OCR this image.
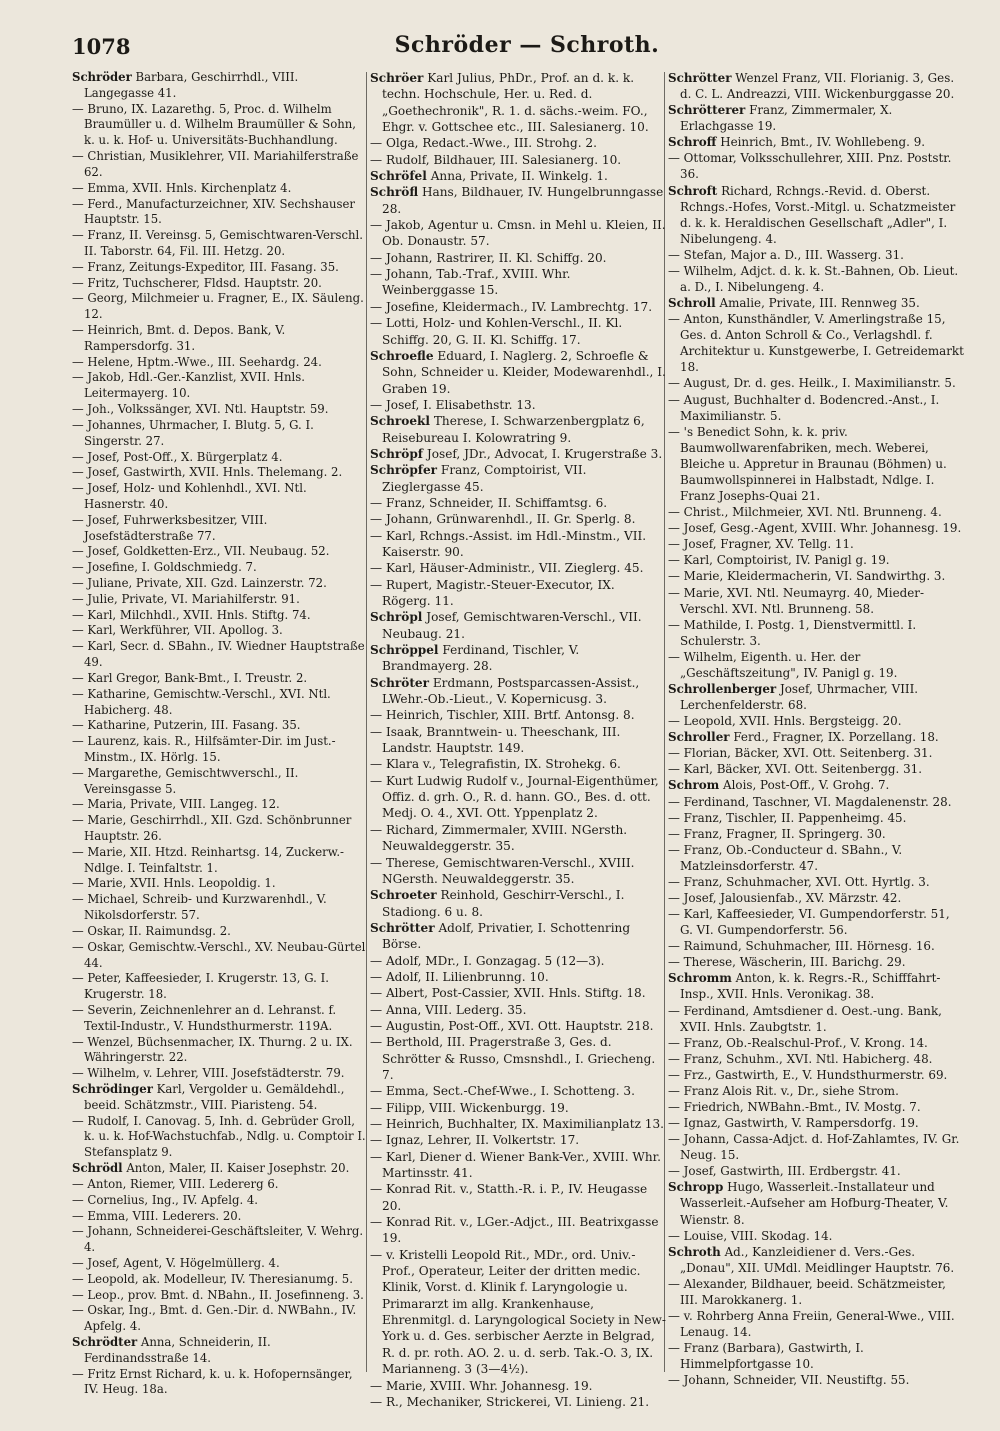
1078	Schröder — Schroth.

Schröder Barbara, Geschirrhdl., VIII. Langegasse 41.

— Bruno, IX. Lazarethg. 5, Proc. d. Wilhelm Braumüller u. d. Wilhelm Braumüller & Sohn, k. u. k. Hof- u. Universitäts-Buchhandlung.

— Christian, Musiklehrer, VII. Mariahilferstraße 62.

— Emma, XVII. Hnls. Kirchenplatz 4.

— Ferd., Manufacturzeichner, XIV. Sechshauser Hauptstr. 15.

— Franz, II. Vereinsg. 5, Gemischtwaren-Verschl. II. Taborstr. 64, Fil. III. Hetzg. 20.

— Franz, Zeitungs-Expeditor, III. Fasang. 35.

— Fritz, Tuchscherer, Fldsd. Hauptstr. 20.

— Georg, Milchmeier u. Fragner, E., IX. Säuleng. 12.

— Heinrich, Bmt. d. Depos. Bank, V. Rampersdorfg. 31.

— Helene, Hptm.-Wwe., III. Seehardg. 24.

— Jakob, Hdl.-Ger.-Kanzlist, XVII. Hnls. Leitermayerg. 10.

— Joh., Volkssänger, XVI. Ntl. Hauptstr. 59.

— Johannes, Uhrmacher, I. Blutg. 5, G. I. Singerstr. 27.

— Josef, Post-Off., X. Bürgerplatz 4.

— Josef, Gastwirth, XVII. Hnls. Thelemang. 2.

— Josef, Holz- und Kohlenhdl., XVI. Ntl. Hasnerstr. 40.

— Josef, Fuhrwerksbesitzer, VIII. Josefstädterstraße 77.

— Josef, Goldketten-Erz., VII. Neubaug. 52.

— Josefine, I. Goldschmiedg. 7.

— Juliane, Private, XII. Gzd. Lainzerstr. 72.

— Julie, Private, VI. Mariahilferstr. 91.

— Karl, Milchhdl., XVII. Hnls. Stiftg. 74.

— Karl, Werkführer, VII. Apollog. 3.

— Karl, Secr. d. SBahn., IV. Wiedner Hauptstraße 49.

— Karl Gregor, Bank-Bmt., I. Treustr. 2.

— Katharine, Gemischtw.-Verschl., XVI. Ntl. Habicherg. 48.

— Katharine, Putzerin, III. Fasang. 35.

— Laurenz, kais. R., Hilfsämter-Dir. im Just.-Minstm., IX. Hörlg. 15.

— Margarethe, Gemischtwverschl., II. Vereinsgasse 5.

— Maria, Private, VIII. Langeg. 12.

— Marie, Geschirrhdl., XII. Gzd. Schönbrunner Hauptstr. 26.

— Marie, XII. Htzd. Reinhartsg. 14, Zuckerw.-Ndlge. I. Teinfaltstr. 1.

— Marie, XVII. Hnls. Leopoldig. 1.

— Michael, Schreib- und Kurzwarenhdl., V. Nikolsdorferstr. 57.

— Oskar, II. Raimundsg. 2.

— Oskar, Gemischtw.-Verschl., XV. Neubau-Gürtel 44.

— Peter, Kaffeesieder, I. Krugerstr. 13, G. I. Krugerstr. 18.

— Severin, Zeichnenlehrer an d. Lehranst. f. Textil-Industr., V. Hundsthurmerstr. 119A.

— Wenzel, Büchsenmacher, IX. Thurng. 2 u. IX. Währingerstr. 22.

— Wilhelm, v. Lehrer, VIII. Josefstädterstr. 79.

Schrödinger Karl, Vergolder u. Gemäldehdl., beeid. Schätzmstr., VIII. Piaristeng. 54.

— Rudolf, I. Canovag. 5, Inh. d. Gebrüder Groll, k. u. k. Hof-Wachstuchfab., Ndlg. u. Comptoir I. Stefansplatz 9.

Schrödl Anton, Maler, II. Kaiser Josephstr. 20.

— Anton, Riemer, VIII. Ledererg 6.

— Cornelius, Ing., IV. Apfelg. 4.

— Emma, VIII. Lederers. 20.

— Johann, Schneiderei-Geschäftsleiter, V. Wehrg. 4.

— Josef, Agent, V. Högelmüllerg. 4.

— Leopold, ak. Modelleur, IV. Theresianumg. 5.

— Leop., prov. Bmt. d. NBahn., II. Josefinneng. 3.

— Oskar, Ing., Bmt. d. Gen.-Dir. d. NWBahn., IV. Apfelg. 4.

Schrödter Anna, Schneiderin, II. Ferdinandsstraße 14.

— Fritz Ernst Richard, k. u. k. Hofopernsänger, IV. Heug. 18a.

Schröer Karl Julius, PhDr., Prof. an d. k. k. techn. Hochschule, Her. u. Red. d. „Goethechronik", R. 1. d. sächs.-weim. FO., Ehgr. v. Gottschee etc., III. Salesianerg. 10.

— Olga, Redact.-Wwe., III. Strohg. 2.

— Rudolf, Bildhauer, III. Salesianerg. 10.

Schröfel Anna, Private, II. Winkelg. 1.

Schröfl Hans, Bildhauer, IV. Hungelbrunngasse 28.

— Jakob, Agentur u. Cmsn. in Mehl u. Kleien, II. Ob. Donaustr. 57.

— Johann, Rastrirer, II. Kl. Schiffg. 20.

— Johann, Tab.-Traf., XVIII. Whr. Weinberggasse 15.

— Josefine, Kleidermach., IV. Lambrechtg. 17.

— Lotti, Holz- und Kohlen-Verschl., II. Kl. Schiffg. 20, G. II. Kl. Schiffg. 17.

Schroefle Eduard, I. Naglerg. 2, Schroefle & Sohn, Schneider u. Kleider, Modewarenhdl., I. Graben 19.

— Josef, I. Elisabethstr. 13.

Schroekl Therese, I. Schwarzenbergplatz 6, Reisebureau I. Kolowratring 9.

Schröpf Josef, JDr., Advocat, I. Krugerstraße 3.

Schröpfer Franz, Comptoirist, VII. Zieglergasse 45.

— Franz, Schneider, II. Schiffamtsg. 6.

— Johann, Grünwarenhdl., II. Gr. Sperlg. 8.

— Karl, Rchngs.-Assist. im Hdl.-Minstm., VII. Kaiserstr. 90.

— Karl, Häuser-Administr., VII. Zieglerg. 45.

— Rupert, Magistr.-Steuer-Executor, IX. Rögerg. 11.

Schröpl Josef, Gemischtwaren-Verschl., VII. Neubaug. 21.

Schröppel Ferdinand, Tischler, V. Brandmayerg. 28.

Schröter Erdmann, Postsparcassen-Assist., LWehr.-Ob.-Lieut., V. Kopernicusg. 3.

— Heinrich, Tischler, XIII. Brtf. Antonsg. 8.

— Isaak, Branntwein- u. Theeschank, III. Landstr. Hauptstr. 149.

— Klara v., Telegrafistin, IX. Strohekg. 6.

— Kurt Ludwig Rudolf v., Journal-Eigenthümer, Offiz. d. grh. O., R. d. hann. GO., Bes. d. ott. Medj. O. 4., XVI. Ott. Yppenplatz 2.

— Richard, Zimmermaler, XVIII. NGersth. Neuwaldeggerstr. 35.

— Therese, Gemischtwaren-Verschl., XVIII. NGersth. Neuwaldeggerstr. 35.

Schroeter Reinhold, Geschirr-Verschl., I. Stadiong. 6 u. 8.

Schrötter Adolf, Privatier, I. Schottenring Börse.

— Adolf, MDr., I. Gonzagag. 5 (12—3).

— Adolf, II. Lilienbrunng. 10.

— Albert, Post-Cassier, XVII. Hnls. Stiftg. 18.

— Anna, VIII. Lederg. 35.

— Augustin, Post-Off., XVI. Ott. Hauptstr. 218.

— Berthold, III. Pragerstraße 3, Ges. d. Schrötter & Russo, Cmsnshdl., I. Griecheng. 7.

— Emma, Sect.-Chef-Wwe., I. Schotteng. 3.

— Filipp, VIII. Wickenburgg. 19.

— Heinrich, Buchhalter, IX. Maximilianplatz 13.

— Ignaz, Lehrer, II. Volkertstr. 17.

— Karl, Diener d. Wiener Bank-Ver., XVIII. Whr. Martinsstr. 41.

— Konrad Rit. v., Statth.-R. i. P., IV. Heugasse 20.

— Konrad Rit. v., LGer.-Adjct., III. Beatrixgasse 19.

— v. Kristelli Leopold Rit., MDr., ord. Univ.-Prof., Operateur, Leiter der dritten medic. Klinik, Vorst. d. Klinik f. Laryngologie u. Primararzt im allg. Krankenhause, Ehrenmitgl. d. Laryngological Society in New-York u. d. Ges. serbischer Aerzte in Belgrad, R. d. pr. roth. AO. 2. u. d. serb. Tak.-O. 3, IX. Marianneng. 3 (3—4½).

— Marie, XVIII. Whr. Johannesg. 19.

— R., Mechaniker, Strickerei, VI. Linieng. 21.

Schrötter Wenzel Franz, VII. Florianig. 3, Ges. d. C. L. Andreazzi, VIII. Wickenburggasse 20.

Schrötterer Franz, Zimmermaler, X. Erlachgasse 19.

Schroff Heinrich, Bmt., IV. Wohllebeng. 9.

— Ottomar, Volksschullehrer, XIII. Pnz. Poststr. 36.

Schroft Richard, Rchngs.-Revid. d. Oberst. Rchngs.-Hofes, Vorst.-Mitgl. u. Schatzmeister d. k. k. Heraldischen Gesellschaft „Adler", I. Nibelungeng. 4.

— Stefan, Major a. D., III. Wasserg. 31.

— Wilhelm, Adjct. d. k. k. St.-Bahnen, Ob. Lieut. a. D., I. Nibelungeng. 4.

Schroll Amalie, Private, III. Rennweg 35.

— Anton, Kunsthändler, V. Amerlingstraße 15, Ges. d. Anton Schroll & Co., Verlagshdl. f. Architektur u. Kunstgewerbe, I. Getreidemarkt 18.

— August, Dr. d. ges. Heilk., I. Maximilianstr. 5.

— August, Buchhalter d. Bodencred.-Anst., I. Maximilianstr. 5.

— 's Benedict Sohn, k. k. priv. Baumwollwarenfabriken, mech. Weberei, Bleiche u. Appretur in Braunau (Böhmen) u. Baumwollspinnerei in Halbstadt, Ndlge. I. Franz Josephs-Quai 21.

— Christ., Milchmeier, XVI. Ntl. Brunneng. 4.

— Josef, Gesg.-Agent, XVIII. Whr. Johannesg. 19.

— Josef, Fragner, XV. Tellg. 11.

— Karl, Comptoirist, IV. Panigl g. 19.

— Marie, Kleidermacherin, VI. Sandwirthg. 3.

— Marie, XVI. Ntl. Neumayrg. 40, Mieder-Verschl. XVI. Ntl. Brunneng. 58.

— Mathilde, I. Postg. 1, Dienstvermittl. I. Schulerstr. 3.

— Wilhelm, Eigenth. u. Her. der „Geschäftszeitung", IV. Panigl g. 19.

Schrollenberger Josef, Uhrmacher, VIII. Lerchenfelderstr. 68.

— Leopold, XVII. Hnls. Bergsteigg. 20.

Schroller Ferd., Fragner, IX. Porzellang. 18.

— Florian, Bäcker, XVI. Ott. Seitenberg. 31.

— Karl, Bäcker, XVI. Ott. Seitenbergg. 31.

Schrom Alois, Post-Off., V. Grohg. 7.

— Ferdinand, Taschner, VI. Magdalenenstr. 28.

— Franz, Tischler, II. Pappenheimg. 45.

— Franz, Fragner, II. Springerg. 30.

— Franz, Ob.-Conducteur d. SBahn., V. Matzleinsdorferstr. 47.

— Franz, Schuhmacher, XVI. Ott. Hyrtlg. 3.

— Josef, Jalousienfab., XV. Märzstr. 42.

— Karl, Kaffeesieder, VI. Gumpendorferstr. 51, G. VI. Gumpendorferstr. 56.

— Raimund, Schuhmacher, III. Hörnesg. 16.

— Therese, Wäscherin, III. Barichg. 29.

Schromm Anton, k. k. Regrs.-R., Schifffahrt-Insp., XVII. Hnls. Veronikag. 38.

— Ferdinand, Amtsdiener d. Oest.-ung. Bank, XVII. Hnls. Zaubgtstr. 1.

— Franz, Ob.-Realschul-Prof., V. Krong. 14.

— Franz, Schuhm., XVI. Ntl. Habicherg. 48.

— Frz., Gastwirth, E., V. Hundsthurmerstr. 69.

— Franz Alois Rit. v., Dr., siehe Strom.

— Friedrich, NWBahn.-Bmt., IV. Mostg. 7.

— Ignaz, Gastwirth, V. Rampersdorfg. 19.

— Johann, Cassa-Adjct. d. Hof-Zahlamtes, IV. Gr. Neug. 15.

— Josef, Gastwirth, III. Erdbergstr. 41.

Schropp Hugo, Wasserleit.-Installateur und Wasserleit.-Aufseher am Hofburg-Theater, V. Wienstr. 8.

— Louise, VIII. Skodag. 14.

Schroth Ad., Kanzleidiener d. Vers.-Ges. „Donau", XII. UMdl. Meidlinger Hauptstr. 76.

— Alexander, Bildhauer, beeid. Schätzmeister, III. Marokkanerg. 1.

— v. Rohrberg Anna Freiin, General-Wwe., VIII. Lenaug. 14.

— Franz (Barbara), Gastwirth, I. Himmelpfortgasse 10.

— Johann, Schneider, VII. Neustiftg. 55.
